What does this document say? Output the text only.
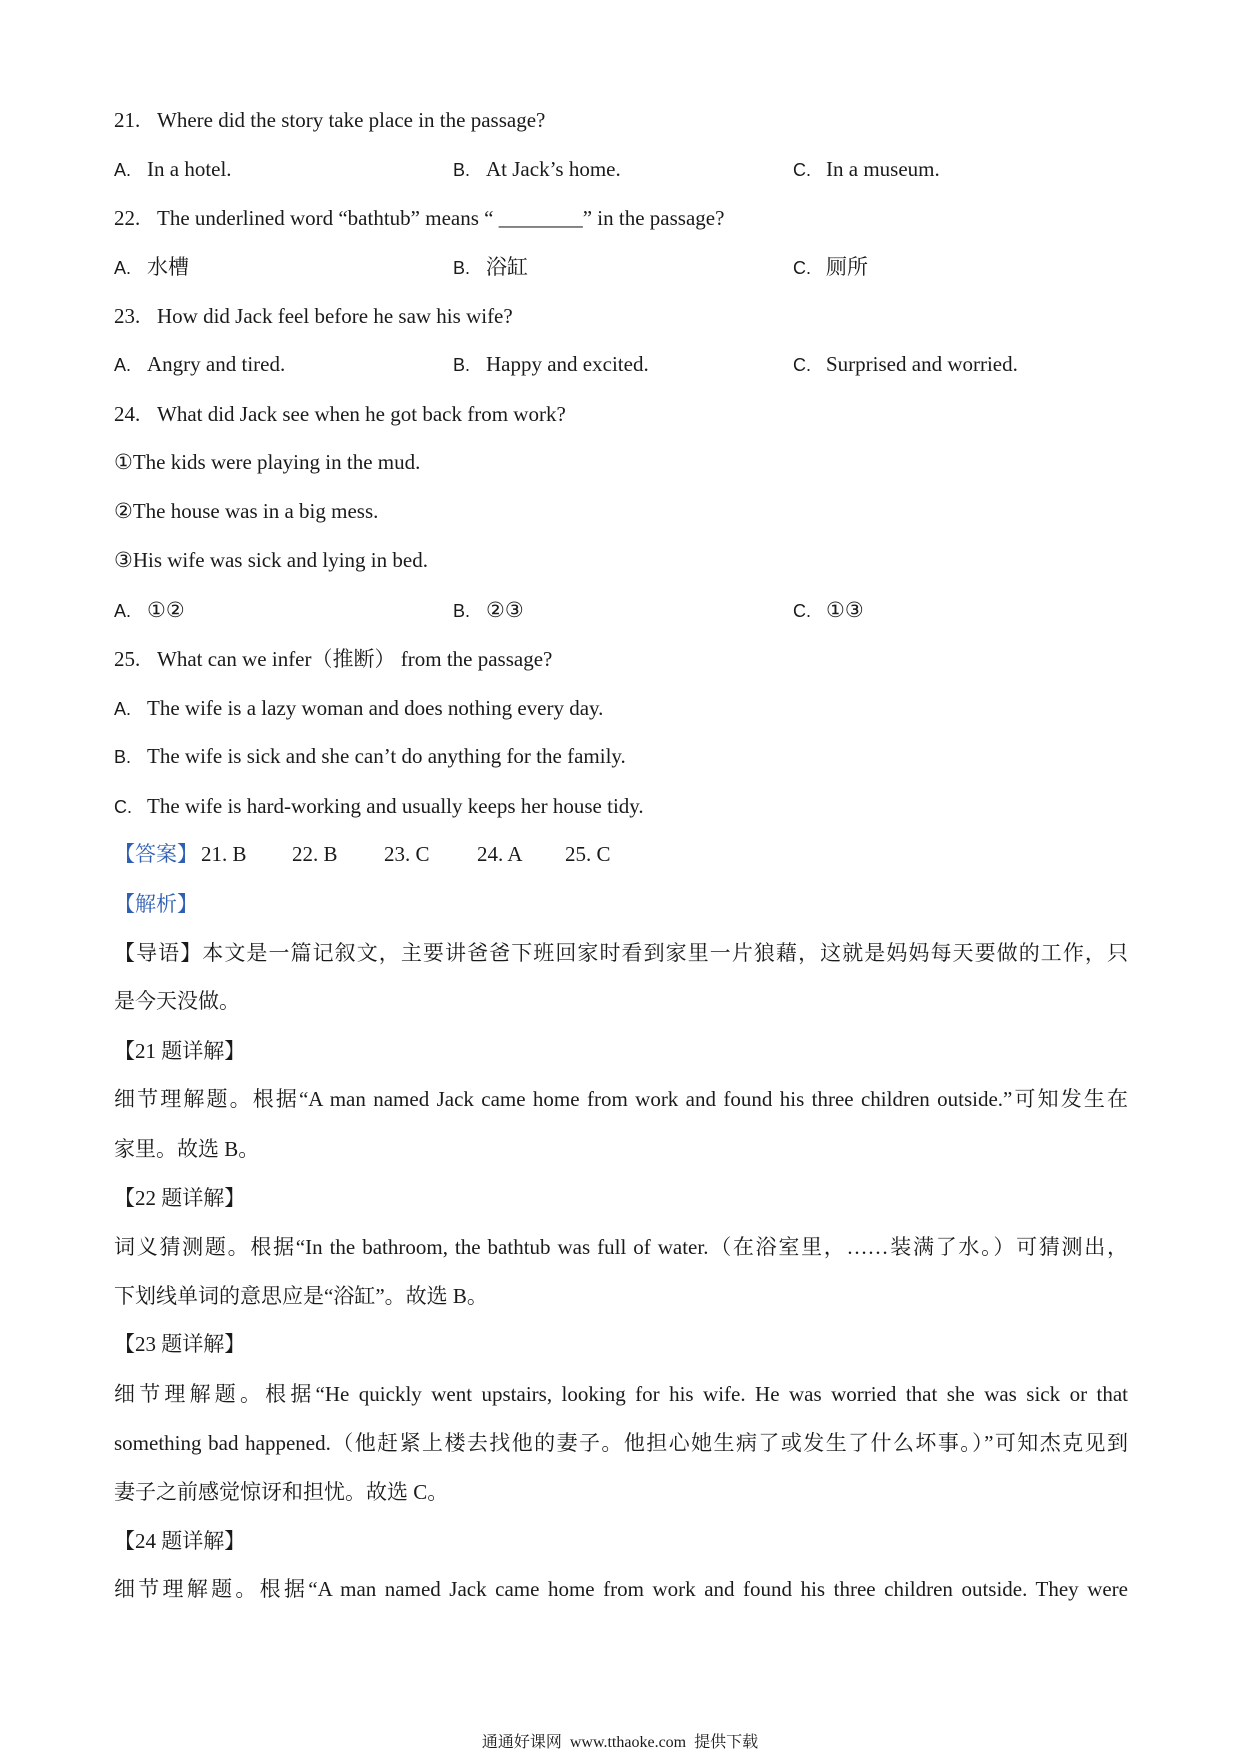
21. Where did the story take place in the passage?
A. In a hotel.	B. At Jack’s home.	C. In a museum.
22. The underlined word “bathtub” means “ ________” in the passage?
A. 水槽	B. 浴缸	C. 厕所
23. How did Jack feel before he saw his wife?
A. Angry and tired.	B. Happy and excited.	C. Surprised and worried.
24. What did Jack see when he got back from work?
①The kids were playing in the mud.
②The house was in a big mess.
③His wife was sick and lying in bed.
A. ①②	B. ②③	C. ①③
25. What can we infer（推断） from the passage?
A. The wife is a lazy woman and does nothing every day.
B. The wife is sick and she can’t do anything for the family.
C. The wife is hard-working and usually keeps her house tidy.
【答案】 21. B 22. B 23. C 24. A 25. C
【解析】
【导语】本文是一篇记叙文，主要讲爸爸下班回家时看到家里一片狼藉，这就是妈妈每天要做的工作，只
是今天没做。
【21 题详解】
细节理解题。根据“A man named Jack came home from work and found his three children outside.”可知发生在
家里。故选 B。
【22 题详解】
词义猜测题。根据“In the bathroom, the bathtub was full of water.（在浴室里，……装满了水。）可猜测出，
下划线单词的意思应是“浴缸”。故选 B。
【23 题详解】
细节理解题。根据“He quickly went upstairs, looking for his wife. He was worried that she was sick or that
something bad happened.（他赶紧上楼去找他的妻子。他担心她生病了或发生了什么坏事。）”可知杰克见到
妻子之前感觉惊讶和担忧。故选 C。
【24 题详解】
细节理解题。根据“A man named Jack came home from work and found his three children outside. They were
通通好课网  www.tthaoke.com  提供下载
